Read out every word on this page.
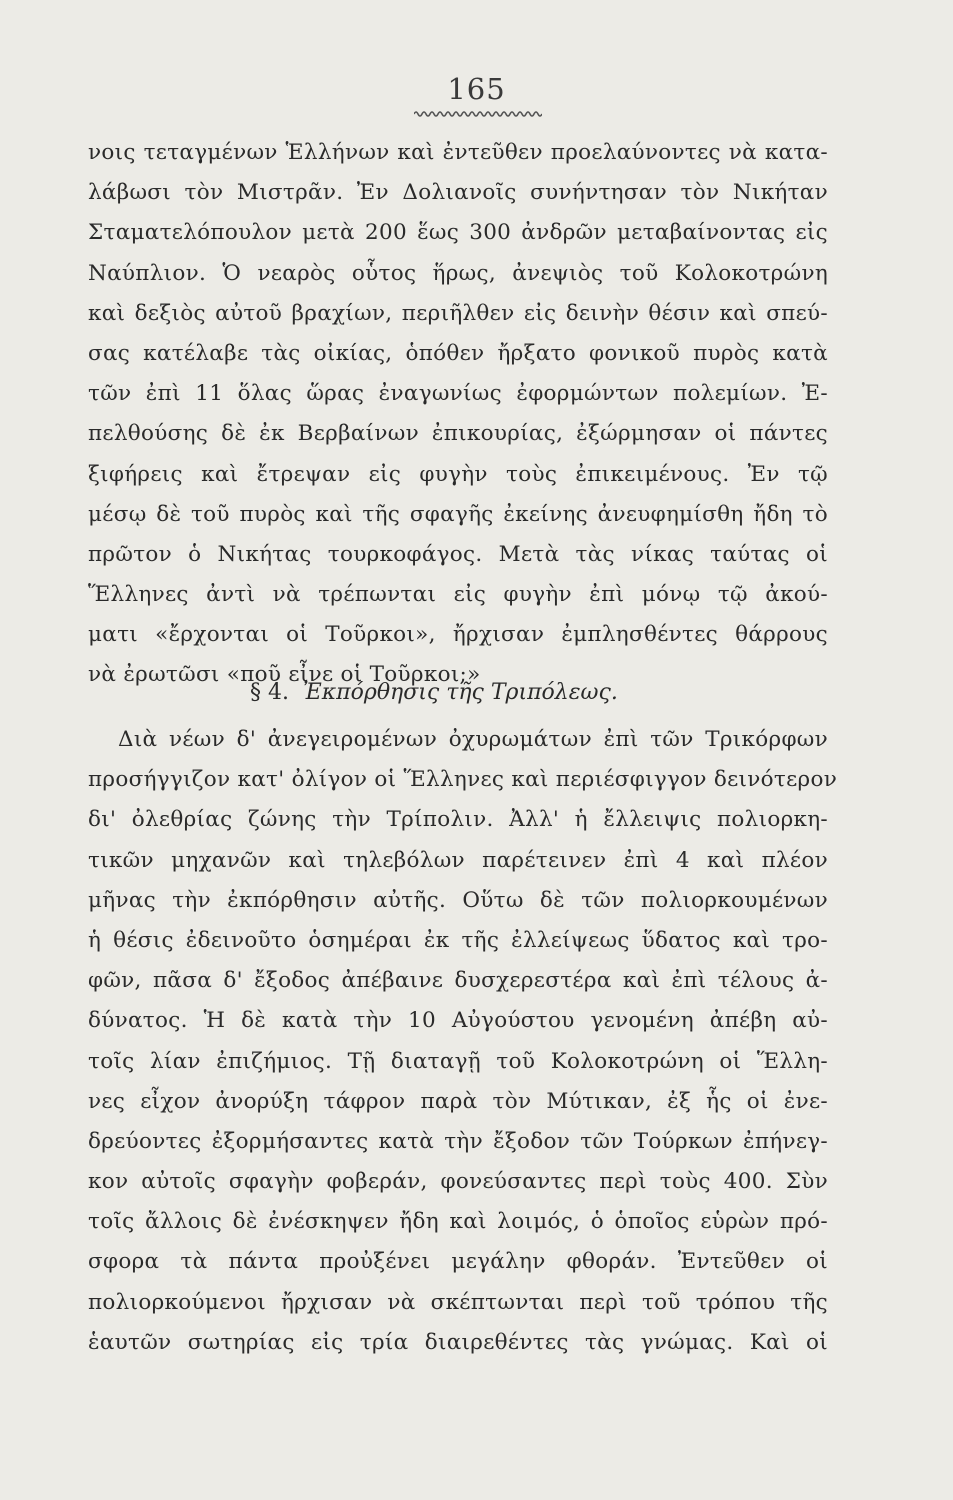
165
νοις τεταγμένων Ἑλλήνων καὶ ἐντεῦθεν προελαύνοντες νὰ κατα-
λάβωσι τὸν Μιστρᾶν. Ἐν Δολιανοῖς συνήντησαν τὸν Νικήταν
Σταματελόπουλον μετὰ 200 ἕως 300 ἀνδρῶν μεταβαίνοντας εἰς
Ναύπλιον. Ὁ νεαρὸς οὗτος ἥρως, ἀνεψιὸς τοῦ Κολοκοτρώνη
καὶ δεξιὸς αὐτοῦ βραχίων, περιῆλθεν εἰς δεινὴν θέσιν καὶ σπεύ-
σας κατέλαβε τὰς οἰκίας, ὁπόθεν ἤρξατο φονικοῦ πυρὸς κατὰ
τῶν ἐπὶ 11 ὅλας ὥρας ἐναγωνίως ἐφορμώντων πολεμίων. Ἐ-
πελθούσης δὲ ἐκ Βερβαίνων ἐπικουρίας, ἐξώρμησαν οἱ πάντες
ξιφήρεις καὶ ἔτρεψαν εἰς φυγὴν τοὺς ἐπικειμένους. Ἐν τῷ
μέσῳ δὲ τοῦ πυρὸς καὶ τῆς σφαγῆς ἐκείνης ἀνευφημίσθη ἤδη τὸ
πρῶτον ὁ Νικήτας τουρκοφάγος. Μετὰ τὰς νίκας ταύτας οἱ
Ἕλληνες ἀντὶ νὰ τρέπωνται εἰς φυγὴν ἐπὶ μόνῳ τῷ ἀκού-
ματι «ἔρχονται οἱ Τοῦρκοι», ἤρχισαν ἐμπλησθέντες θάρρους
νὰ ἐρωτῶσι «ποῦ εἶνε οἱ Τοῦρκοι;»
§ 4. Ἐκπόρθησις τῆς Τριπόλεως.
Διὰ νέων δ' ἀνεγειρομένων ὀχυρωμάτων ἐπὶ τῶν Τρικόρφων
προσήγγιζον κατ' ὀλίγον οἱ Ἕλληνες καὶ περιέσφιγγον δεινότερον
δι' ὀλεθρίας ζώνης τὴν Τρίπολιν. Ἀλλ' ἡ ἔλλειψις πολιορκη-
τικῶν μηχανῶν καὶ τηλεβόλων παρέτεινεν ἐπὶ 4 καὶ πλέον
μῆνας τὴν ἐκπόρθησιν αὐτῆς. Οὕτω δὲ τῶν πολιορκουμένων
ἡ θέσις ἐδεινοῦτο ὁσημέραι ἐκ τῆς ἐλλείψεως ὕδατος καὶ τρο-
φῶν, πᾶσα δ' ἔξοδος ἀπέβαινε δυσχερεστέρα καὶ ἐπὶ τέλους ἀ-
δύνατος. Ἡ δὲ κατὰ τὴν 10 Αὐγούστου γενομένη ἀπέβη αὐ-
τοῖς λίαν ἐπιζήμιος. Τῇ διαταγῇ τοῦ Κολοκοτρώνη οἱ Ἕλλη-
νες εἶχον ἀνορύξη τάφρον παρὰ τὸν Μύτικαν, ἐξ ἧς οἱ ἐνε-
δρεύοντες ἐξορμήσαντες κατὰ τὴν ἔξοδον τῶν Τούρκων ἐπήνεγ-
κον αὐτοῖς σφαγὴν φοβεράν, φονεύσαντες περὶ τοὺς 400. Σὺν
τοῖς ἄλλοις δὲ ἐνέσκηψεν ἤδη καὶ λοιμός, ὁ ὁποῖος εὑρὼν πρό-
σφορα τὰ πάντα προὐξένει μεγάλην φθοράν. Ἐντεῦθεν οἱ
πολιορκούμενοι ἤρχισαν νὰ σκέπτωνται περὶ τοῦ τρόπου τῆς
ἑαυτῶν σωτηρίας εἰς τρία διαιρεθέντες τὰς γνώμας. Καὶ οἱ
